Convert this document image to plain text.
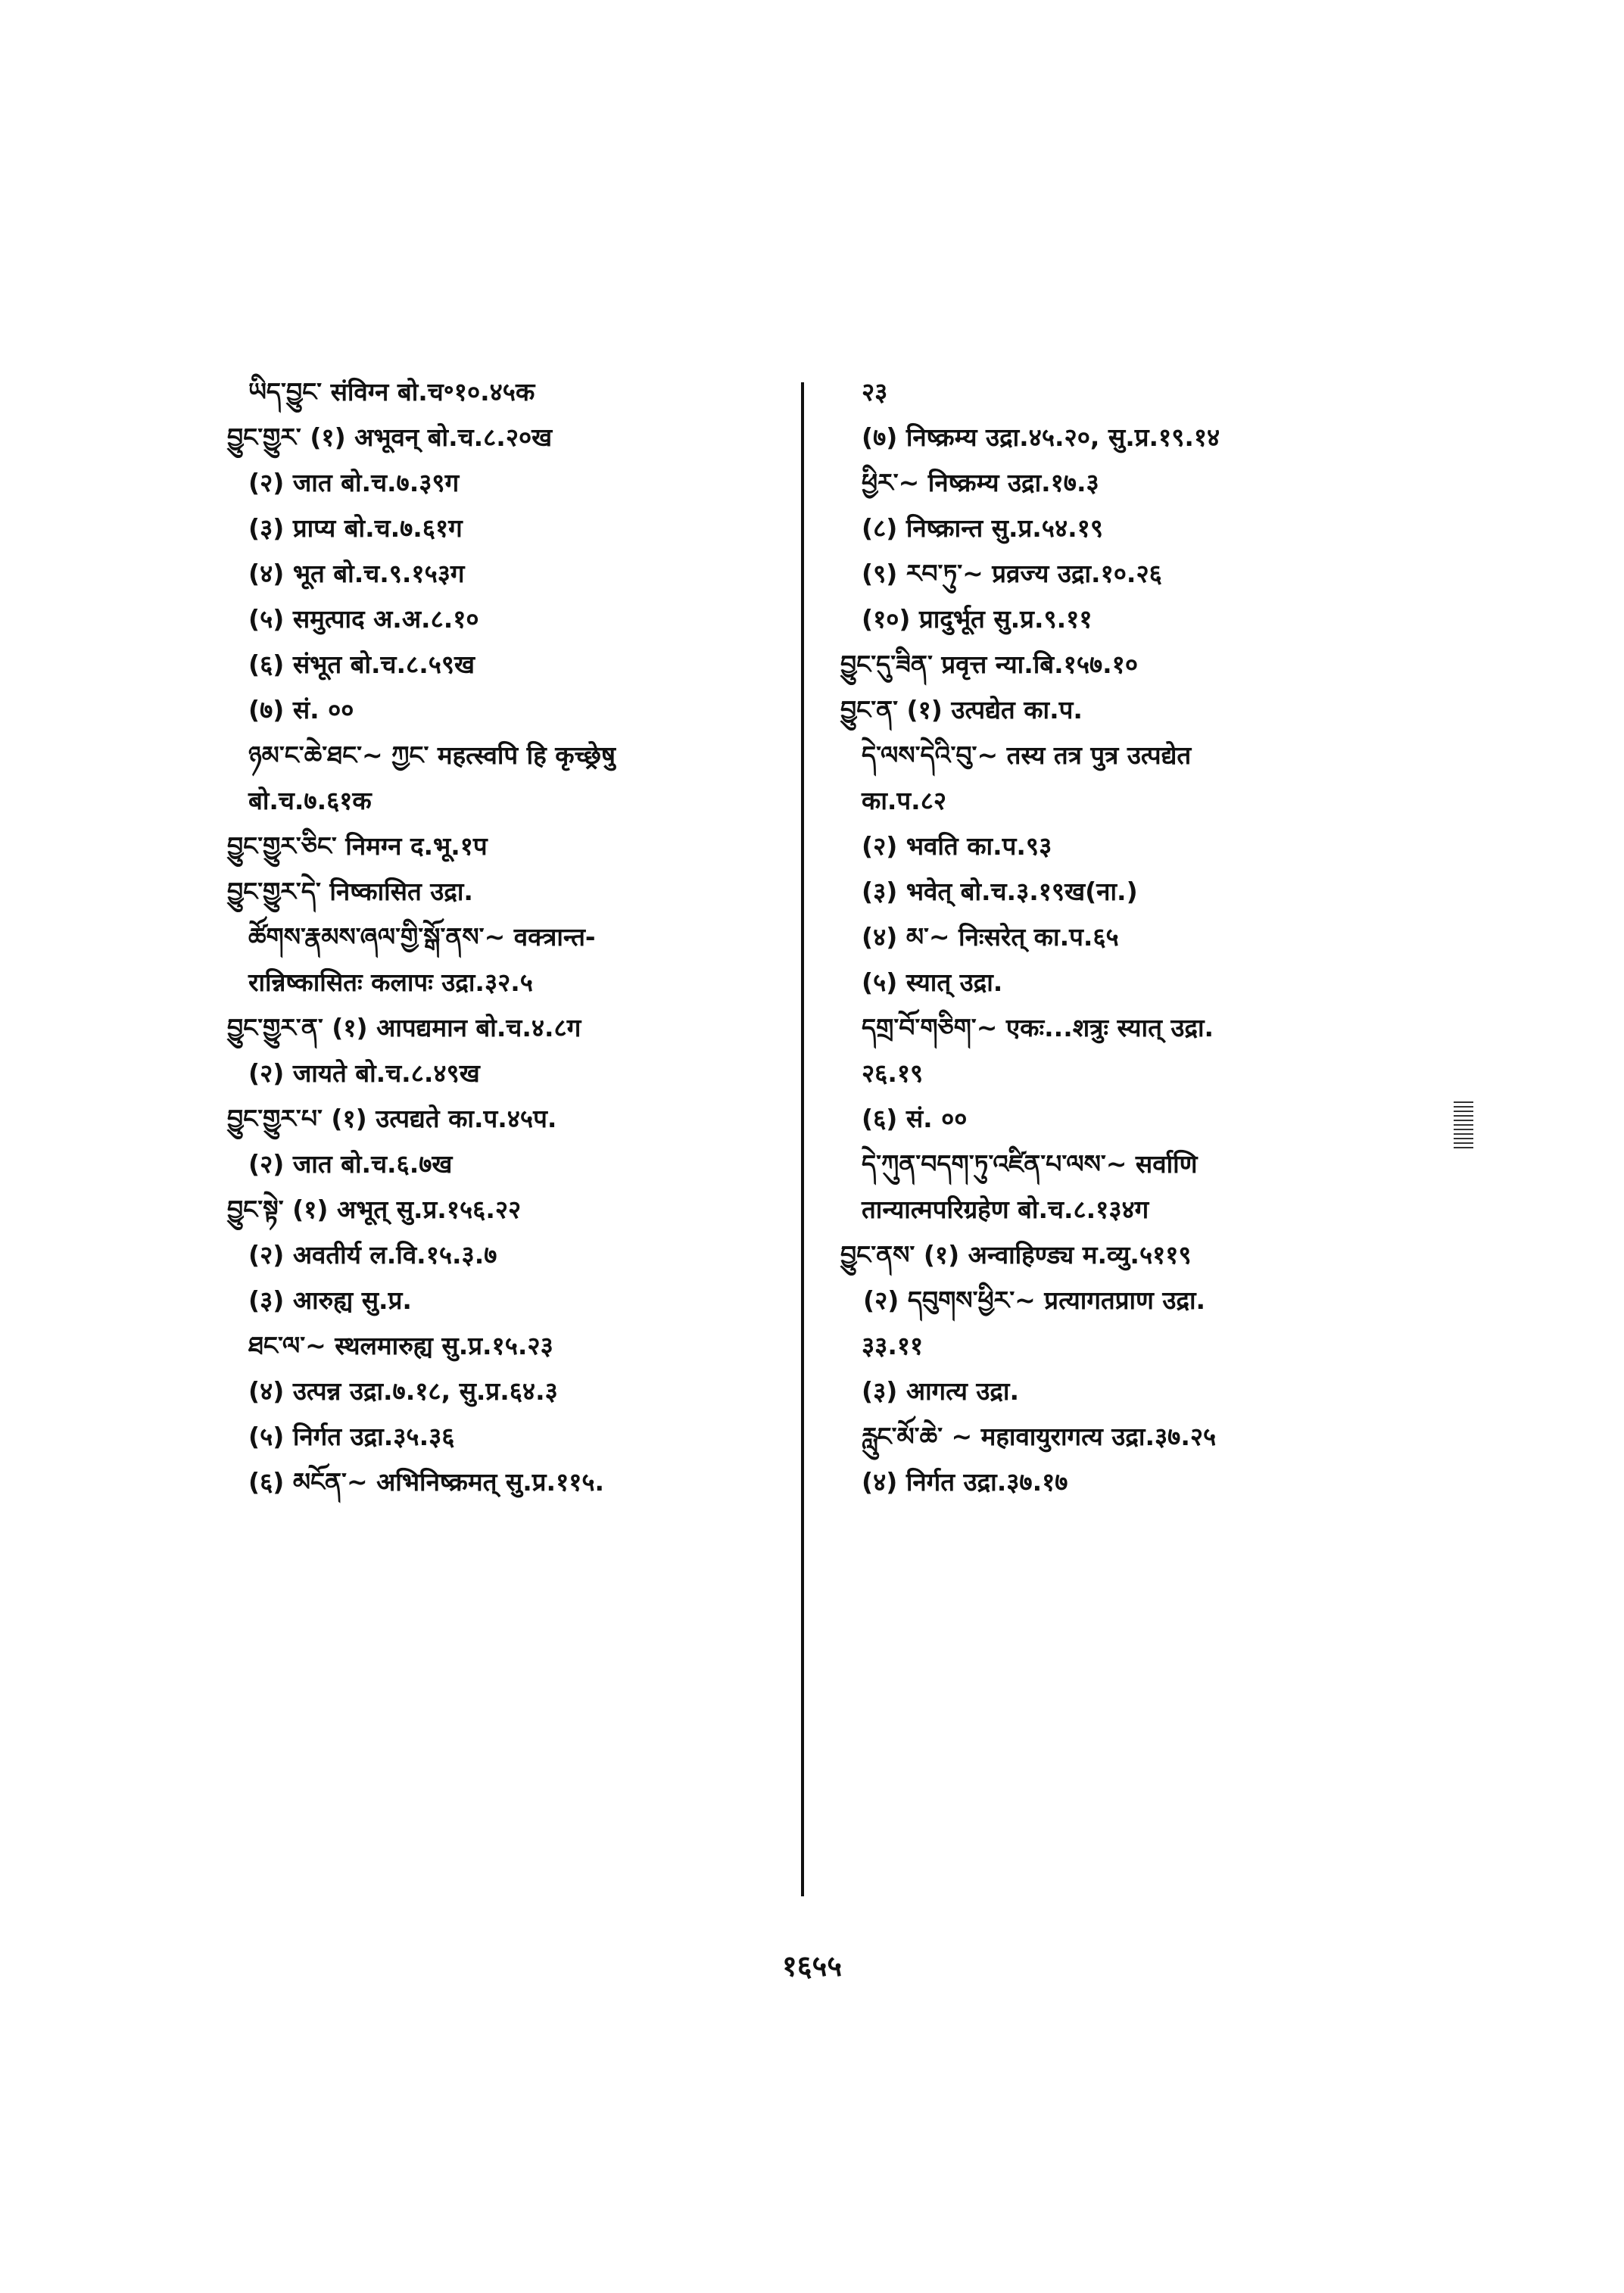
ཡིད་བྱུང་ संविग्न बो.च॰१०.४५क
བྱུང་གྱུར་ (१) अभूवन् बो.च.८.२०ख
(२) जात बो.च.७.३९ग
(३) प्राप्य बो.च.७.६१ग
(४) भूत बो.च.९.१५३ग
(५) समुत्पाद अ.अ.८.१०
(६) संभूत बो.च.८.५९ख
(७) सं. ००
ཉམ་ང་ཆེ་ཐང་~ ཀྱང་ महत्स्वपि हि कृच्छ्रेषु
बो.च.७.६१क
བྱུང་གྱུར་ཅིང་ निमग्न द.भू.१प
བྱུང་གྱུར་དེ་ निष्कासित उद्रा.
ཚོགས་རྣམས་ཞལ་གྱི་སྒོ་ནས་~ वक्त्रान्त-
रान्निष्कासितः कलापः उद्रा.३२.५
བྱུང་གྱུར་ན་ (१) आपद्यमान बो.च.४.८ग
(२) जायते बो.च.८.४९ख
བྱུང་གྱུར་པ་ (१) उत्पद्यते का.प.४५प.
(२) जात बो.च.६.७ख
བྱུང་སྟེ་ (१) अभूत् सु.प्र.१५६.२२
(२) अवतीर्य ल.वि.१५.३.७
(३) आरुह्य सु.प्र.
ཐང་ལ་~ स्थलमारुह्य सु.प्र.१५.२३
(४) उत्पन्न उद्रा.७.१८, सु.प्र.६४.३
(५) निर्गत उद्रा.३५.३६
(६) མངོན་~ अभिनिष्क्रमत् सु.प्र.११५.
२३
(७) निष्क्रम्य उद्रा.४५.२०, सु.प्र.१९.१४
ཕྱིར་~ निष्क्रम्य उद्रा.१७.३
(८) निष्क्रान्त सु.प्र.५४.१९
(९) རབ་ཏུ་~ प्रव्रज्य उद्रा.१०.२६
(१०) प्रादुर्भूत सु.प्र.९.११
བྱུང་དུ་ཟིན་ प्रवृत्त न्या.बि.१५७.१०
བྱུང་ན་ (१) उत्पद्येत का.प.
དེ་ལས་དེའི་བུ་~ तस्य तत्र पुत्र उत्पद्येत
का.प.८२
(२) भवति का.प.९३
(३) भवेत् बो.च.३.१९ख(ना.)
(४) མ་~ निःसरेत् का.प.६५
(५) स्यात् उद्रा.
དགྲ་བོ་གཅིག་~ एकः...शत्रुः स्यात् उद्रा.
२६.१९
(६) सं. ००
དེ་ཀུན་བདག་ཏུ་འཛིན་པ་ལས་~ सर्वाणि
तान्यात्मपरिग्रहेण बो.च.८.१३४ग
བྱུང་ནས་ (१) अन्वाहिण्ड्य म.व्यु.५११९
(२) དབུགས་ཕྱིར་~ प्रत्यागतप्राण उद्रा.
३३.११
(३) आगत्य उद्रा.
རླུང་མོ་ཆེ་ ~ महावायुरागत्य उद्रा.३७.२५
(४) निर्गत उद्रा.३७.१७
१६५५
